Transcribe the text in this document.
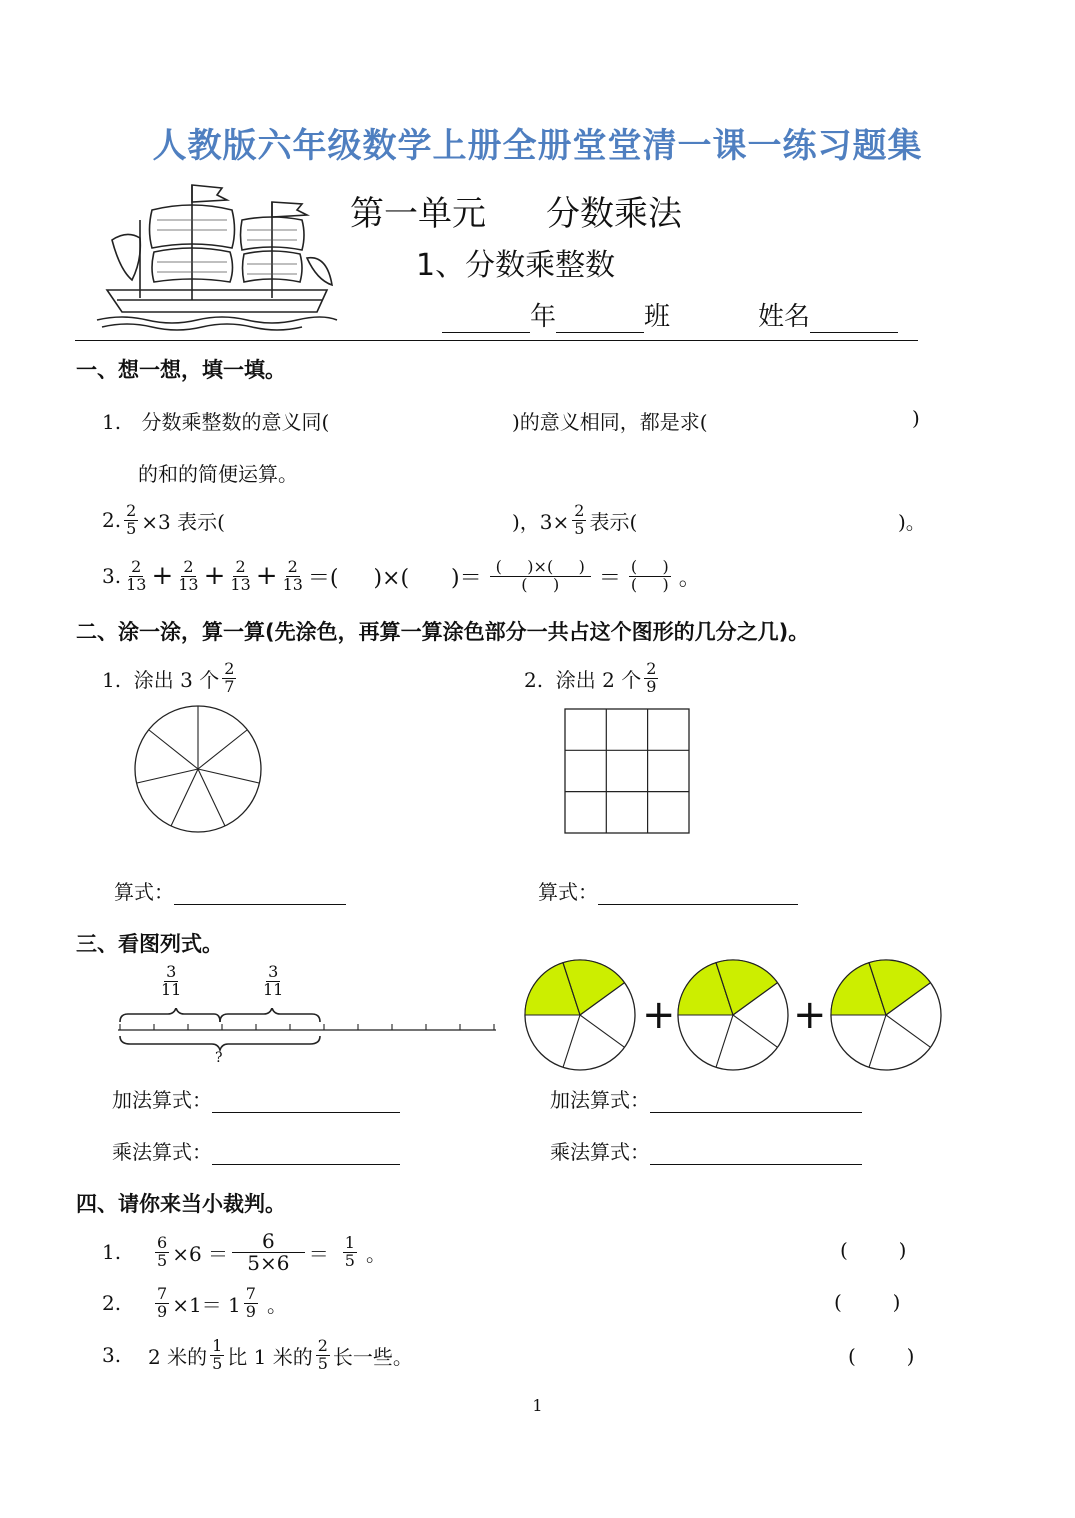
人教版六年级数学上册全册堂堂清一课一练习题集
第一单元 分数乘法
1、分数乘整数
年	班	姓名
一、想一想，填一填。
1. 分数乘整数的意义同(	)的意义相同，都是求(	)
的和的简便运算。
2. $\frac{2}{5} \times 3$ 表示(	)，$3\times \frac{2}{5}$ 表示(	)。
3. $\frac{2}{13} + \frac{2}{13} + \frac{2}{13} + \frac{2}{13}$ ＝(     )×(      )＝ $\frac{( )\times( )}{( )} = \frac{( )}{( )}$ 。
二、涂一涂，算一算(先涂色，再算一算涂色部分一共占这个图形的几分之几)。
1.  涂出 3 个 $\frac{2}{7}$	2.  涂出 2 个 $\frac{2}{9}$
算式：	算式：
三、看图列式。
$\frac{3}{11}$	$\frac{3}{11}$
?
+	+
加法算式：
乘法算式：
加法算式：
乘法算式：
四、请你来当小裁判。
1.	$\frac{6}{5} \times 6 = \frac{6}{5\times 6} = \frac{1}{5}$ 。	(        )
2.	$\frac{7}{9} \times 1= 1 \frac{7}{9}$ 。	(        )
3.	2 米的 $\frac{1}{5}$ 比 1 米的 $\frac{2}{5}$ 长一些。	(        )
1
